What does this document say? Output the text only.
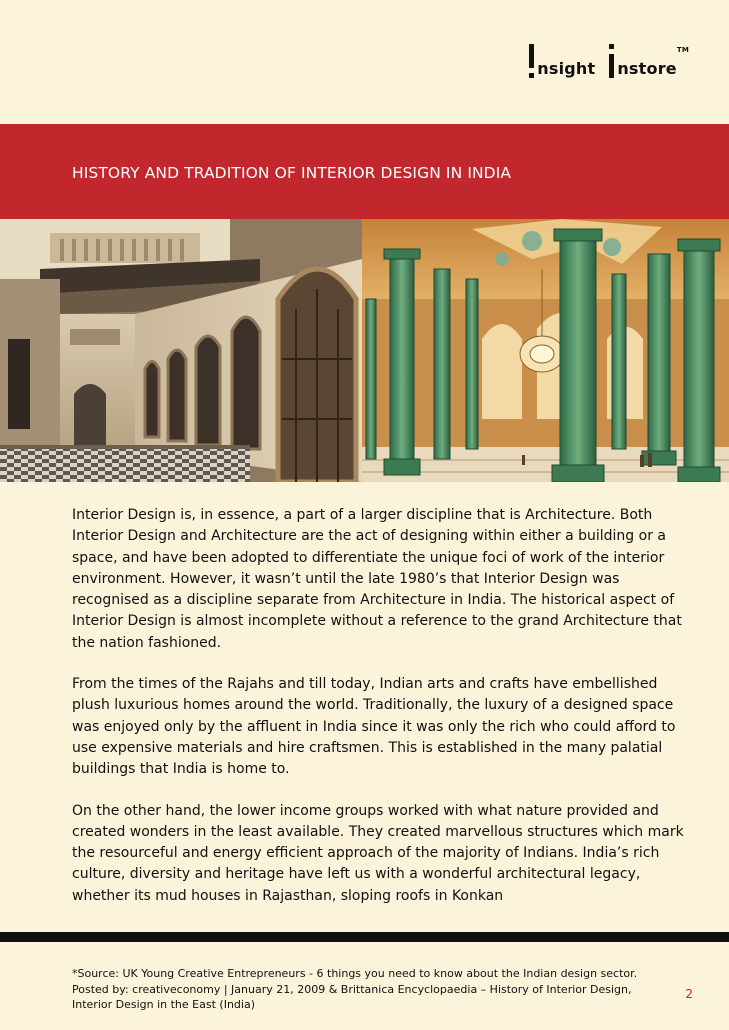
nsight nstore
TM
HISTORY AND TRADITION OF INTERIOR DESIGN IN INDIA

Interior Design is, in essence, a part of a larger discipline that is Architecture. Both Interior Design and Architecture are the act of designing within either a building or a space, and have been adopted to differentiate the unique foci of work of the interior environment. However, it wasn’t until the late 1980’s that Interior Design was recognised as a discipline separate from Architecture in India. The historical aspect of Interior Design is almost incomplete without a reference to the grand Architecture that the nation fashioned.

From the times of the Rajahs and till today, Indian arts and crafts have embellished plush luxurious homes around the world. Traditionally, the luxury of a designed space was enjoyed only by the affluent in India since it was only the rich who could afford to use expensive materials and hire craftsmen. This is established in the many palatial buildings that India is home to.

On the other hand, the lower income groups worked with what nature provided and created wonders in the least available. They created marvellous structures which mark the resourceful and energy efficient approach of the majority of Indians. India’s rich culture, diversity and heritage have left us with a wonderful architectural legacy, whether its mud houses in Rajasthan, sloping roofs in Konkan

*Source: UK Young Creative Entrepreneurs - 6 things you need to know about the Indian design sector. Posted by: creativeconomy | January 21, 2009 & Brittanica Encyclopaedia – History of Interior Design, Interior Design in the East (India)
2
